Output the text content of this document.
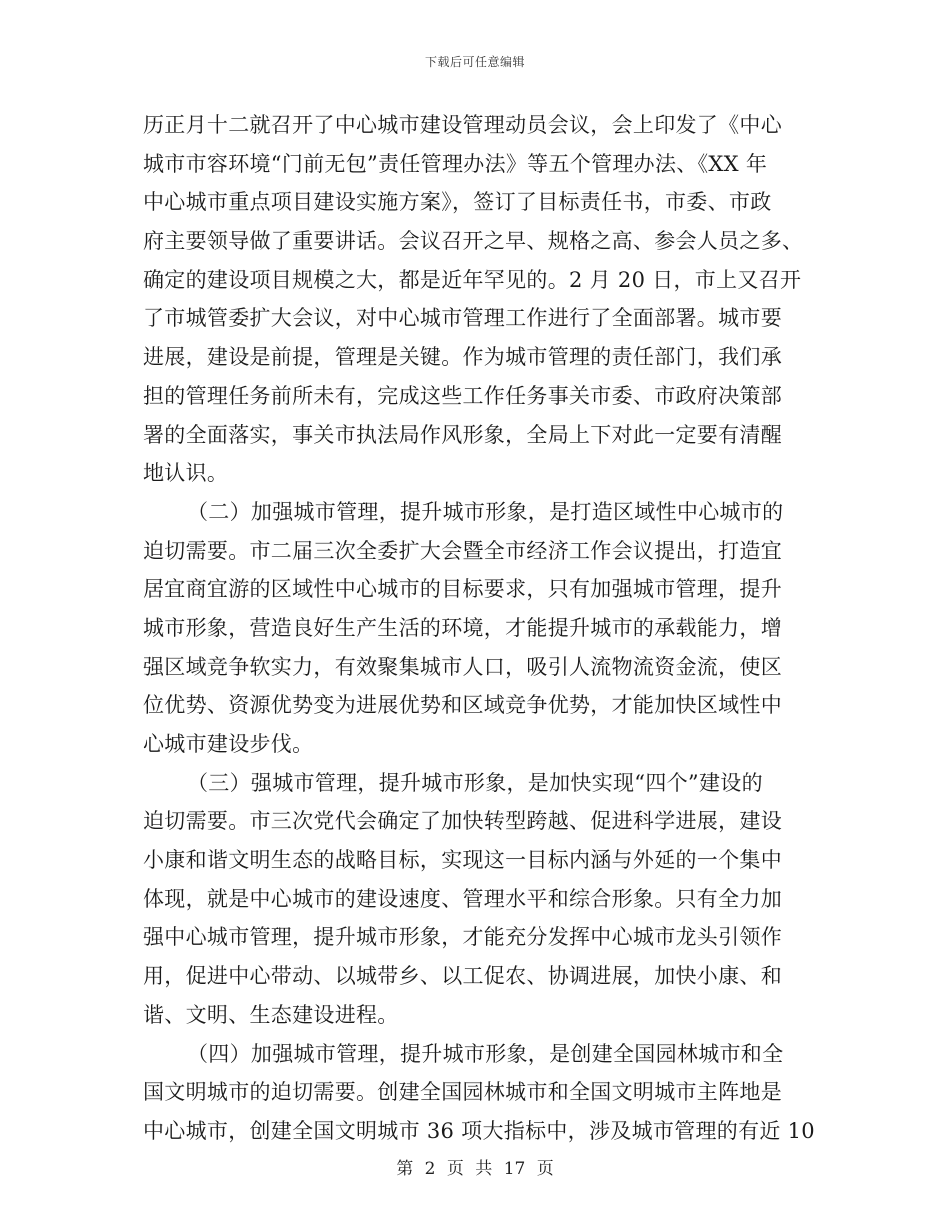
下载后可任意编辑
历正月十二就召开了中心城市建设管理动员会议，会上印发了《中心
城市市容环境“门前无包”责任管理办法》等五个管理办法、《XX 年
中心城市重点项目建设实施方案》，签订了目标责任书，市委、市政
府主要领导做了重要讲话。会议召开之早、规格之高、参会人员之多、
确定的建设项目规模之大，都是近年罕见的。2 月 20 日，市上又召开
了市城管委扩大会议，对中心城市管理工作进行了全面部署。城市要
进展，建设是前提，管理是关键。作为城市管理的责任部门，我们承
担的管理任务前所未有，完成这些工作任务事关市委、市政府决策部
署的全面落实，事关市执法局作风形象，全局上下对此一定要有清醒
地认识。
（二）加强城市管理，提升城市形象，是打造区域性中心城市的
迫切需要。市二届三次全委扩大会暨全市经济工作会议提出，打造宜
居宜商宜游的区域性中心城市的目标要求，只有加强城市管理，提升
城市形象，营造良好生产生活的环境，才能提升城市的承载能力，增
强区域竞争软实力，有效聚集城市人口，吸引人流物流资金流，使区
位优势、资源优势变为进展优势和区域竞争优势，才能加快区域性中
心城市建设步伐。
（三）强城市管理，提升城市形象，是加快实现“四个”建设的
迫切需要。市三次党代会确定了加快转型跨越、促进科学进展，建设
小康和谐文明生态的战略目标，实现这一目标内涵与外延的一个集中
体现，就是中心城市的建设速度、管理水平和综合形象。只有全力加
强中心城市管理，提升城市形象，才能充分发挥中心城市龙头引领作
用，促进中心带动、以城带乡、以工促农、协调进展，加快小康、和
谐、文明、生态建设进程。
（四）加强城市管理，提升城市形象，是创建全国园林城市和全
国文明城市的迫切需要。创建全国园林城市和全国文明城市主阵地是
中心城市，创建全国文明城市 36 项大指标中，涉及城市管理的有近 10
第 2 页 共 17 页
